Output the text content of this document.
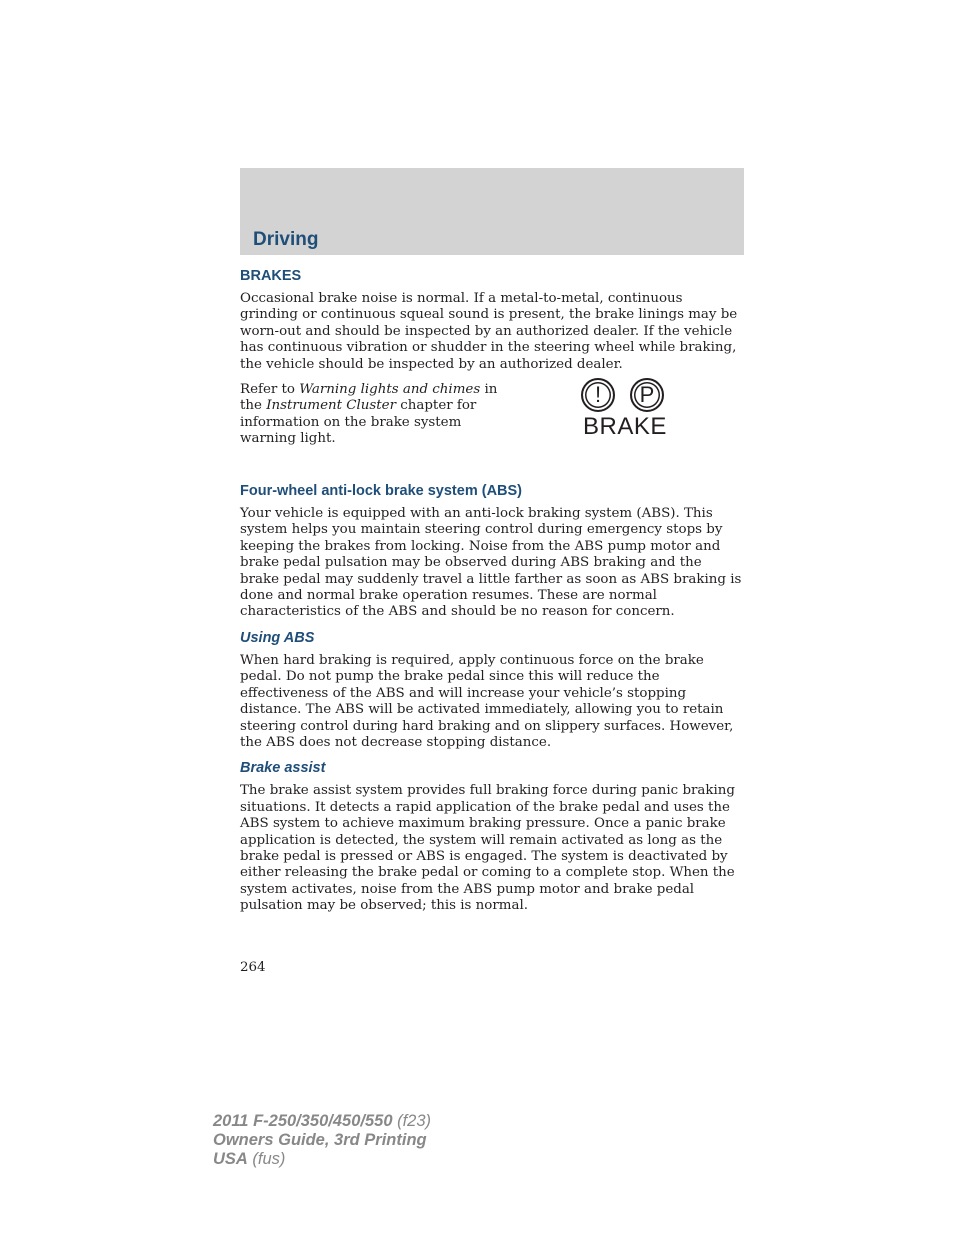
Driving
BRAKES

Occasional brake noise is normal. If a metal-to-metal, continuous grinding or continuous squeal sound is present, the brake linings may be worn-out and should be inspected by an authorized dealer. If the vehicle has continuous vibration or shudder in the steering wheel while braking, the vehicle should be inspected by an authorized dealer.

Refer to Warning lights and chimes in the Instrument Cluster chapter for information on the brake system warning light.

!	P
BRAKE
Four-wheel anti-lock brake system (ABS)

Your vehicle is equipped with an anti-lock braking system (ABS). This system helps you maintain steering control during emergency stops by keeping the brakes from locking. Noise from the ABS pump motor and brake pedal pulsation may be observed during ABS braking and the brake pedal may suddenly travel a little farther as soon as ABS braking is done and normal brake operation resumes. These are normal characteristics of the ABS and should be no reason for concern.

Using ABS

When hard braking is required, apply continuous force on the brake pedal. Do not pump the brake pedal since this will reduce the effectiveness of the ABS and will increase your vehicle’s stopping distance. The ABS will be activated immediately, allowing you to retain steering control during hard braking and on slippery surfaces. However, the ABS does not decrease stopping distance.

Brake assist

The brake assist system provides full braking force during panic braking situations. It detects a rapid application of the brake pedal and uses the ABS system to achieve maximum braking pressure. Once a panic brake application is detected, the system will remain activated as long as the brake pedal is pressed or ABS is engaged. The system is deactivated by either releasing the brake pedal or coming to a complete stop. When the system activates, noise from the ABS pump motor and brake pedal pulsation may be observed; this is normal.

264
2011 F-250/350/450/550 (f23)
Owners Guide, 3rd Printing
USA (fus)
